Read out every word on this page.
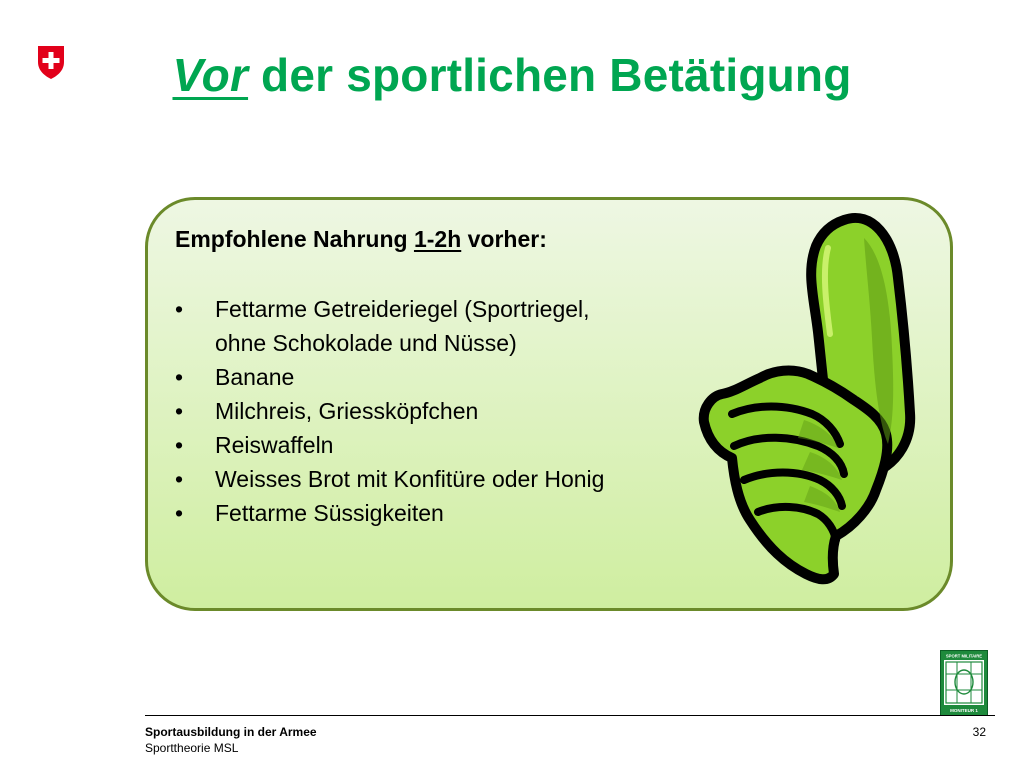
Vor der sportlichen Betätigung

Empfohlene Nahrung 1-2h vorher:

• Fettarme Getreideriegel (Sportriegel,
ohne Schokolade und Nüsse)
• Banane
• Milchreis, Griessköpfchen
• Reiswaffeln
• Weisses Brot mit Konfitüre oder Honig
• Fettarme Süssigkeiten
SPORT MILITAIRE
MONITEUR 1
Sportausbildung in der Armee
Sporttheorie MSL
32
